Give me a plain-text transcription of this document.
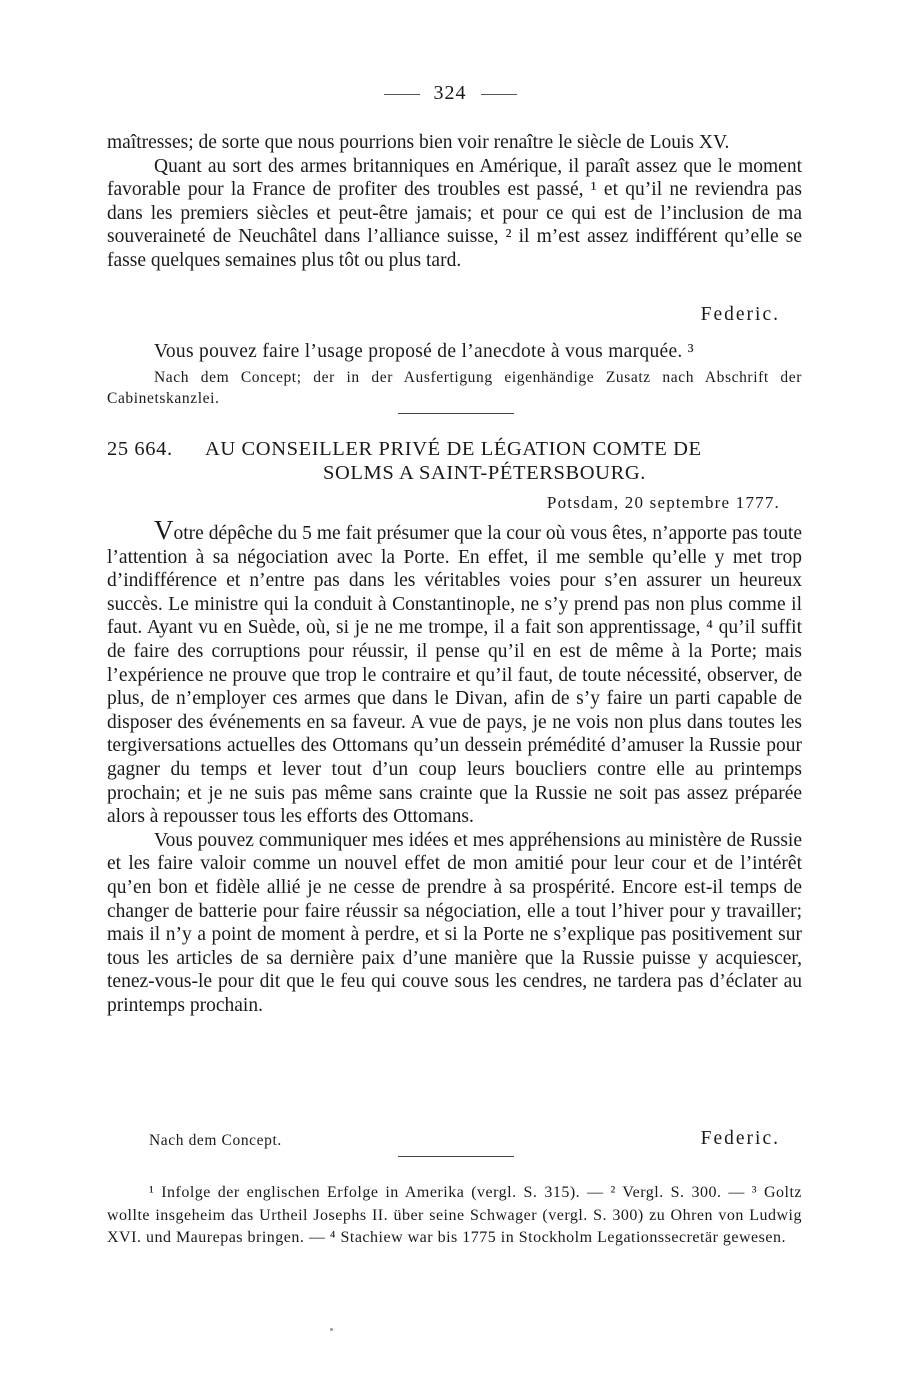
324

maîtresses; de sorte que nous pourrions bien voir renaître le siècle de Louis XV.

Quant au sort des armes britanniques en Amérique, il paraît assez que le moment favorable pour la France de profiter des troubles est passé, ¹ et qu’il ne reviendra pas dans les premiers siècles et peut-être jamais; et pour ce qui est de l’inclusion de ma souveraineté de Neuchâtel dans l’alliance suisse, ² il m’est assez indifférent qu’elle se fasse quelques semaines plus tôt ou plus tard.

Federic.

Vous pouvez faire l’usage proposé de l’anecdote à vous marquée. ³

Nach dem Concept; der in der Ausfertigung eigenhändige Zusatz nach Abschrift der Cabinetskanzlei.

25 664. AU CONSEILLER PRIVÉ DE LÉGATION COMTE DE
SOLMS A SAINT-PÉTERSBOURG.

Potsdam, 20 septembre 1777.

Votre dépêche du 5 me fait présumer que la cour où vous êtes, n’apporte pas toute l’attention à sa négociation avec la Porte. En effet, il me semble qu’elle y met trop d’indifférence et n’entre pas dans les véritables voies pour s’en assurer un heureux succès. Le ministre qui la conduit à Constantinople, ne s’y prend pas non plus comme il faut. Ayant vu en Suède, où, si je ne me trompe, il a fait son apprentissage, ⁴ qu’il suffit de faire des corruptions pour réussir, il pense qu’il en est de même à la Porte; mais l’expérience ne prouve que trop le contraire et qu’il faut, de toute nécessité, observer, de plus, de n’employer ces armes que dans le Divan, afin de s’y faire un parti capable de disposer des événements en sa faveur. A vue de pays, je ne vois non plus dans toutes les tergiversations actuelles des Ottomans qu’un dessein prémédité d’amuser la Russie pour gagner du temps et lever tout d’un coup leurs boucliers contre elle au printemps prochain; et je ne suis pas même sans crainte que la Russie ne soit pas assez préparée alors à repousser tous les efforts des Ottomans.

Vous pouvez communiquer mes idées et mes appréhensions au ministère de Russie et les faire valoir comme un nouvel effet de mon amitié pour leur cour et de l’intérêt qu’en bon et fidèle allié je ne cesse de prendre à sa prospérité. Encore est-il temps de changer de batterie pour faire réussir sa négociation, elle a tout l’hiver pour y travailler; mais il n’y a point de moment à perdre, et si la Porte ne s’explique pas positivement sur tous les articles de sa dernière paix d’une manière que la Russie puisse y acquiescer, tenez-vous-le pour dit que le feu qui couve sous les cendres, ne tardera pas d’éclater au printemps prochain.

Nach dem Concept.	Federic.

¹ Infolge der englischen Erfolge in Amerika (vergl. S. 315). — ² Vergl. S. 300. — ³ Goltz wollte insgeheim das Urtheil Josephs II. über seine Schwager (vergl. S. 300) zu Ohren von Ludwig XVI. und Maurepas bringen. — ⁴ Stachiew war bis 1775 in Stockholm Legationssecretär gewesen.
